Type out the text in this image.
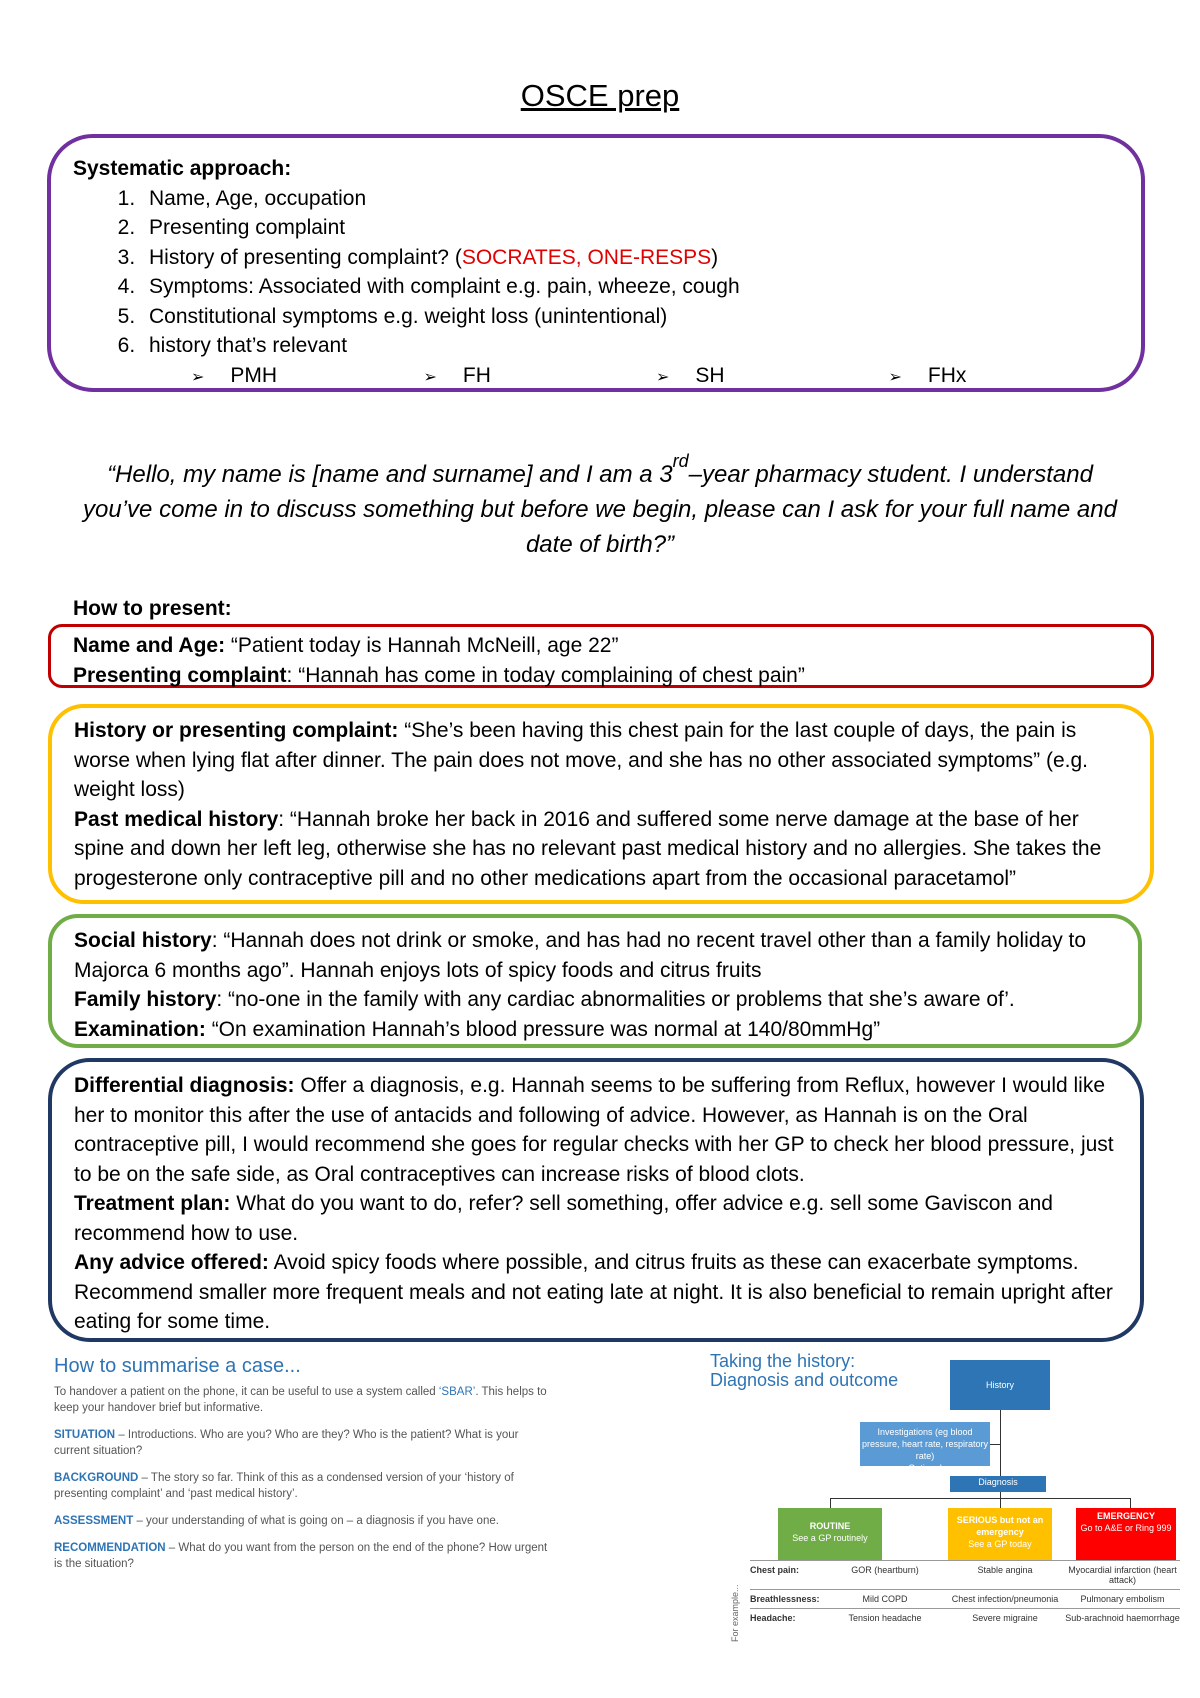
OSCE prep
Systematic approach:
1. Name, Age, occupation
2. Presenting complaint
3. History of presenting complaint? (SOCRATES, ONE-RESPS)
4. Symptoms: Associated with complaint e.g. pain, wheeze, cough
5. Constitutional symptoms e.g. weight loss (unintentional)
6. history that’s relevant
➢ PMH	➢ FH	➢ SH	➢ FHx
“Hello, my name is [name and surname] and I am a 3rd–year pharmacy student. I understand you’ve come in to discuss something but before we begin, please can I ask for your full name and date of birth?”
How to present:
Name and Age: “Patient today is Hannah McNeill, age 22”
Presenting complaint: “Hannah has come in today complaining of chest pain”
History or presenting complaint: “She’s been having this chest pain for the last couple of days, the pain is worse when lying flat after dinner. The pain does not move, and she has no other associated symptoms” (e.g. weight loss)
Past medical history: “Hannah broke her back in 2016 and suffered some nerve damage at the base of her spine and down her left leg, otherwise she has no relevant past medical history and no allergies. She takes the progesterone only contraceptive pill and no other medications apart from the occasional paracetamol”
Social history: “Hannah does not drink or smoke, and has had no recent travel other than a family holiday to Majorca 6 months ago”. Hannah enjoys lots of spicy foods and citrus fruits
Family history: “no-one in the family with any cardiac abnormalities or problems that she’s aware of’.
Examination: “On examination Hannah’s blood pressure was normal at 140/80mmHg”
Differential diagnosis: Offer a diagnosis, e.g. Hannah seems to be suffering from Reflux, however I would like her to monitor this after the use of antacids and following of advice. However, as Hannah is on the Oral contraceptive pill, I would recommend she goes for regular checks with her GP to check her blood pressure, just to be on the safe side, as Oral contraceptives can increase risks of blood clots.
Treatment plan: What do you want to do, refer? sell something, offer advice e.g. sell some Gaviscon and recommend how to use.
Any advice offered: Avoid spicy foods where possible, and citrus fruits as these can exacerbate symptoms. Recommend smaller more frequent meals and not eating late at night. It is also beneficial to remain upright after eating for some time.
How to summarise a case...

To handover a patient on the phone, it can be useful to use a system called ‘SBAR’. This helps to keep your handover brief but informative.

SITUATION – Introductions. Who are you? Who are they? Who is the patient? What is your current situation?

BACKGROUND – The story so far. Think of this as a condensed version of your ‘history of presenting complaint’ and ‘past medical history’.

ASSESSMENT – your understanding of what is going on – a diagnosis if you have one.

RECOMMENDATION – What do you want from the person on the end of the phone? How urgent is the situation?

Taking the history: Diagnosis and outcome	History
Investigations (eg blood pressure, heart rate, respiratory rate)
Optional
Diagnosis
ROUTINE
See a GP routinely
SERIOUS but not an emergency
See a GP today
EMERGENCY
Go to A&E or Ring 999
For example...
Chest pain:	GOR (heartburn)	Stable angina	Myocardial infarction (heart attack)
Breathlessness:	Mild COPD	Chest infection/pneumonia	Pulmonary embolism
Headache:	Tension headache	Severe migraine	Sub-arachnoid haemorrhage
